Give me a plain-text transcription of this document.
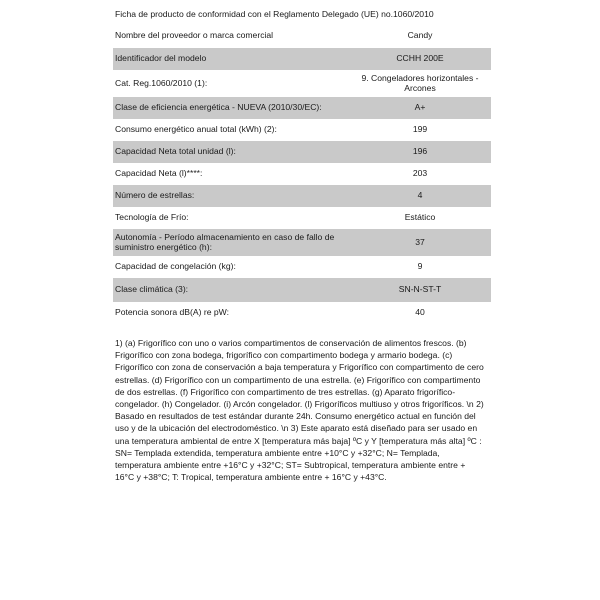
Ficha de producto de conformidad con el Reglamento Delegado (UE) no.1060/2010
Nombre del proveedor o marca comercial	Candy
Identificador del modelo	CCHH 200E
Cat. Reg.1060/2010 (1):	9. Congeladores horizontales - Arcones
Clase de eficiencia energética - NUEVA (2010/30/EC):	A+
Consumo energético anual total (kWh) (2):	199
Capacidad Neta total unidad (l):	196
Capacidad Neta (l)****:	203
Número de estrellas:	4
Tecnología de Frío:	Estático
Autonomía - Período almacenamiento en caso de fallo de suministro energético (h):	37
Capacidad de congelación (kg):	9
Clase climática (3):	SN-N-ST-T
Potencia sonora dB(A) re pW:	40
1) (a) Frigorífico con uno o varios compartimentos de conservación de alimentos frescos. (b) Frigorífico con zona bodega, frigorífico con compartimento bodega y armario bodega. (c) Frigorífico con zona de conservación a baja temperatura y Frigorífico con compartimento de cero estrellas. (d) Frigorífico con un compartimento de una estrella. (e) Frigorífico con compartimento de dos estrellas. (f) Frigorífico con compartimento de tres estrellas. (g) Aparato frigorífico-congelador. (h) Congelador. (i) Arcón congelador. (l) Frigoríficos multiuso y otros frigoríficos. \n 2) Basado en resultados de test estándar durante 24h. Consumo energético actual en función del uso y de la ubicación del electrodoméstico. \n 3) Este aparato está diseñado para ser usado en una temperatura ambiental de entre X [temperatura más baja] ºC y Y [temperatura más alta] ºC : SN= Templada extendida, temperatura ambiente entre +10°C y +32°C; N= Templada, temperatura ambiente entre +16°C y +32°C; ST= Subtropical, temperatura ambiente entre + 16°C y +38°C; T: Tropical, temperatura ambiente entre + 16°C y +43°C.
